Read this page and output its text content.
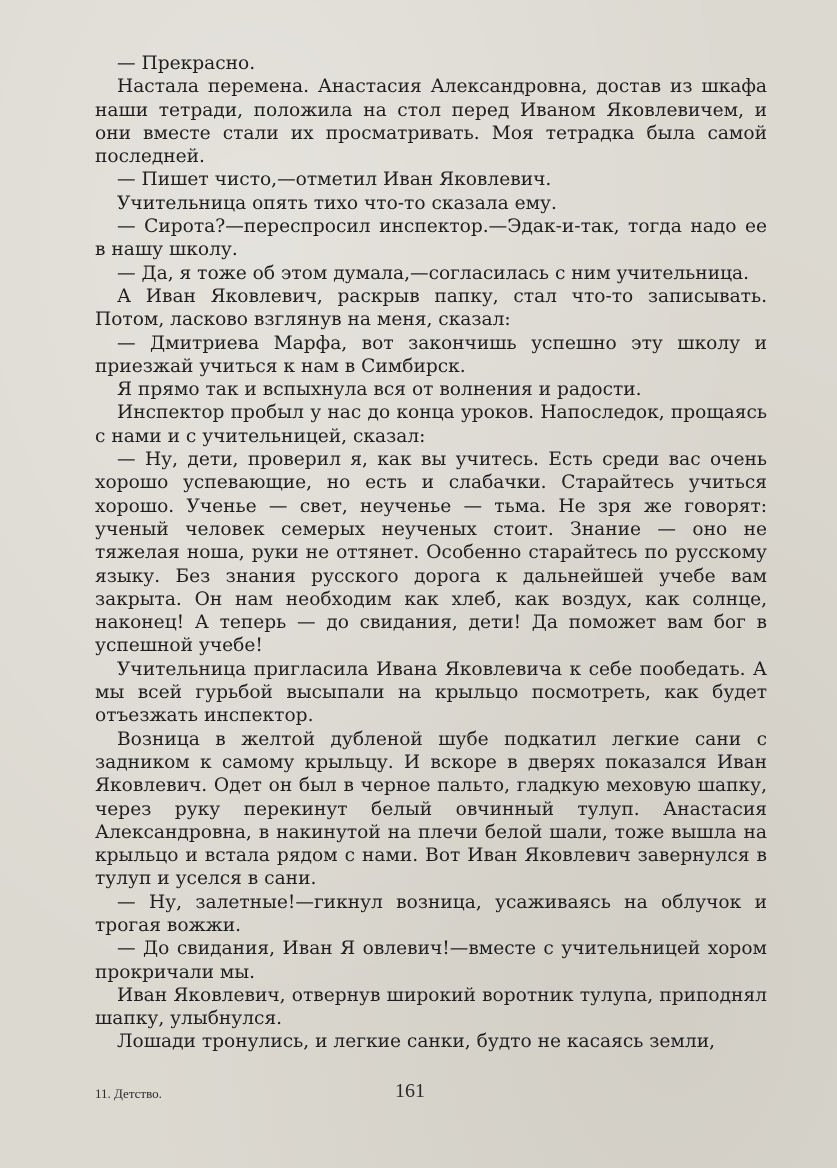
— Прекрасно.

Настала перемена. Анастасия Александровна, достав из шкафа наши тетради, положила на стол перед Иваном Яковлевичем, и они вместе стали их просматривать. Моя тетрадка была самой последней.

— Пишет чисто,—отметил Иван Яковлевич.

Учительница опять тихо что-то сказала ему.

— Сирота?—переспросил инспектор.—Эдак-и-так, тогда надо ее в нашу школу.

— Да, я тоже об этом думала,—согласилась с ним учительница.

А Иван Яковлевич, раскрыв папку, стал что-то записывать. Потом, ласково взглянув на меня, сказал:

— Дмитриева Марфа, вот закончишь успешно эту школу и приезжай учиться к нам в Симбирск.

Я прямо так и вспыхнула вся от волнения и радости.

Инспектор пробыл у нас до конца уроков. Напоследок, прощаясь с нами и с учительницей, сказал:

— Ну, дети, проверил я, как вы учитесь. Есть среди вас очень хорошо успевающие, но есть и слабачки. Старайтесь учиться хорошо. Ученье — свет, неученье — тьма. Не зря же говорят: ученый человек семерых неученых стоит. Знание — оно не тяжелая ноша, руки не оттянет. Особенно старайтесь по русскому языку. Без знания русского дорога к дальнейшей учебе вам закрыта. Он нам необходим как хлеб, как воздух, как солнце, наконец! А теперь — до свидания, дети! Да поможет вам бог в успешной учебе!

Учительница пригласила Ивана Яковлевича к себе пообедать. А мы всей гурьбой высыпали на крыльцо посмотреть, как будет отъезжать инспектор.

Возница в желтой дубленой шубе подкатил легкие сани с задником к самому крыльцу. И вскоре в дверях показался Иван Яковлевич. Одет он был в черное пальто, гладкую меховую шапку, через руку перекинут белый овчинный тулуп. Анастасия Александровна, в накинутой на плечи белой шали, тоже вышла на крыльцо и встала рядом с нами. Вот Иван Яковлевич завернулся в тулуп и уселся в сани.

— Ну, залетные!—гикнул возница, усаживаясь на облучок и трогая вожжи.

— До свидания, Иван Я овлевич!—вместе с учительницей хором прокричали мы.

Иван Яковлевич, отвернув широкий воротник тулупа, приподнял шапку, улыбнулся.

Лошади тронулись, и легкие санки, будто не касаясь земли,

11. Детство.	161
